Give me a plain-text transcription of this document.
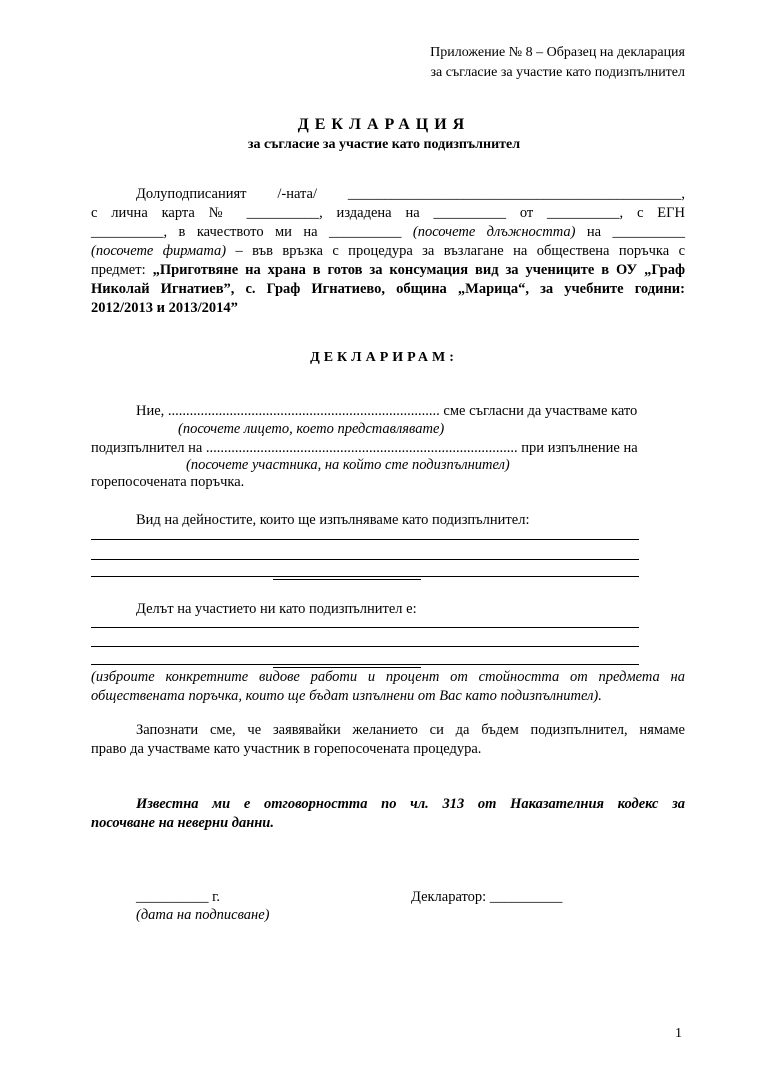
Приложение № 8 – Образец на декларация
за съгласие за участие като подизпълнител
ДЕКЛАРАЦИЯ
за съгласие за участие като подизпълнител
Долуподписаният /-ната/ ______________________________________________,
с лична карта № __________, издадена на __________ от __________, с ЕГН
__________, в качеството ми на __________ (посочете длъжността) на __________
(посочете фирмата) – във връзка с процедура за възлагане на обществена поръчка с
предмет: „Приготвяне на храна в готов за консумация вид за учениците в ОУ „Граф
Николай Игнатиев”, с. Граф Игнатиево, община „Марица“, за учебните години:
2012/2013 и 2013/2014”
ДЕКЛАРИРАМ:
Ние, ........................................................................... сме съгласни да участваме като
(посочете лицето, което представлявате)
подизпълнител на ...................................................................................... при изпълнение на
(посочете участника, на който сте подизпълнител)
горепосочената поръчка.
Вид на дейностите, които ще изпълняваме като подизпълнител:
Делът на участието ни като подизпълнител е:
(изброите конкретните видове работи и процент от стойността от предмета на
обществената поръчка, които ще бъдат изпълнени от Вас като подизпълнител).
Запознати сме, че заявявайки желанието си да бъдем подизпълнител, нямаме
право да участваме като участник в горепосочената процедура.
Известна ми е отговорността по чл. 313 от Наказателния кодекс за
посочване на неверни данни.
__________ г.
(дата на подписване)
Декларатор: __________
1
